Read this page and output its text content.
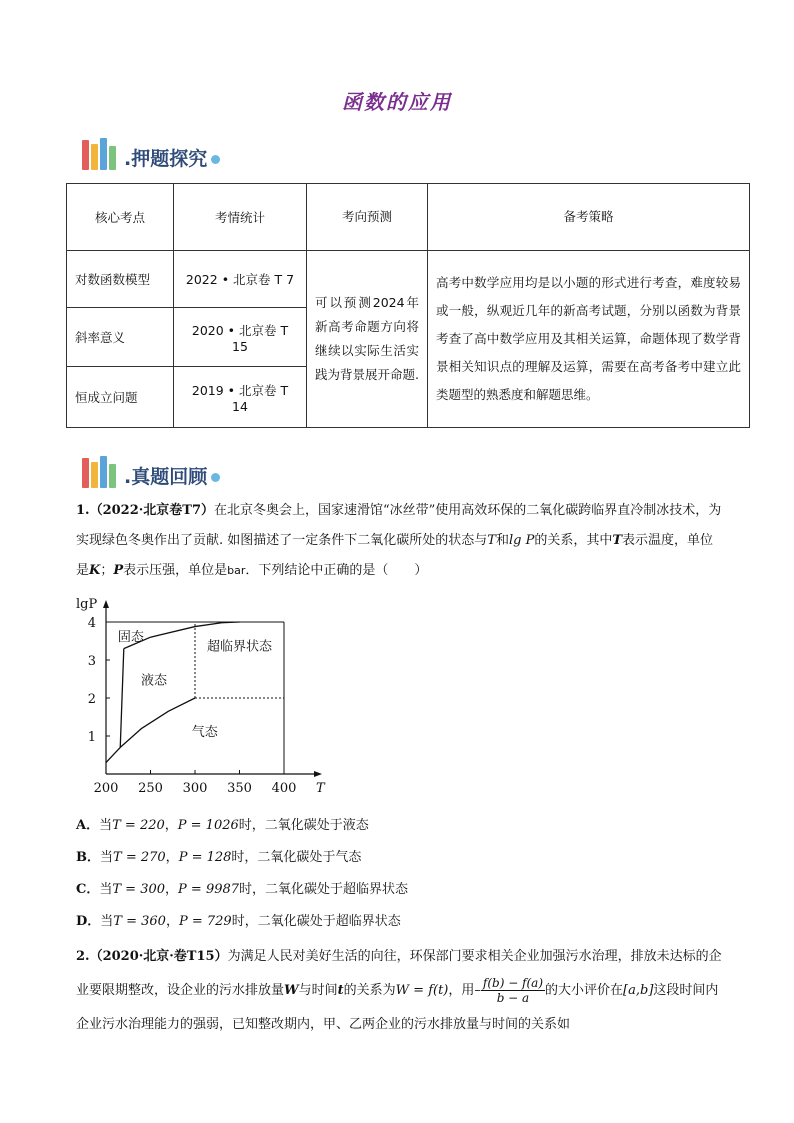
函数的应用
.押题探究
核心考点	考情统计	考向预测	备考策略
对数函数模型	2022 • 北京卷 T 7	可以预测2024年新高考命题方向将继续以实际生活实践为背景展开命题.	高考中数学应用均是以小题的形式进行考查，难度较易或一般，纵观近几年的新高考试题，分别以函数为背景考查了高中数学应用及其相关运算，命题体现了数学背景相关知识点的理解及运算，需要在高考备考中建立此类题型的熟悉度和解题思维。
斜率意义	2020 • 北京卷 T 15		
恒成立问题	2019 • 北京卷 T 14		
.真题回顾
1.（2022·北京卷T7）在北京冬奥会上，国家速滑馆“冰丝带”使用高效环保的二氧化碳跨临界直冷制冰技术，为实现绿色冬奥作出了贡献. 如图描述了一定条件下二氧化碳所处的状态与T和lg P的关系，其中T表示温度，单位是K；P表示压强，单位是bar．下列结论中正确的是（　　）
200 250 300 350 400
1
2
3
4
lgP
T
固态
液态
超临界状态
气态
A．当T = 220，P = 1026时，二氧化碳处于液态
B．当T = 270，P = 128时，二氧化碳处于气态
C．当T = 300，P = 9987时，二氧化碳处于超临界状态
D．当T = 360，P = 729时，二氧化碳处于超临界状态
2.（2020·北京·卷T15）为满足人民对美好生活的向往，环保部门要求相关企业加强污水治理，排放未达标的企业要限期整改，设企业的污水排放量W与时间t的关系为W = f(t)，用– $\frac{f(b) - f(a)}{b - a}$ 的大小评价在[a,b]这段时间内企业污水治理能力的强弱，已知整改期内，甲、乙两企业的污水排放量与时间的关系如
